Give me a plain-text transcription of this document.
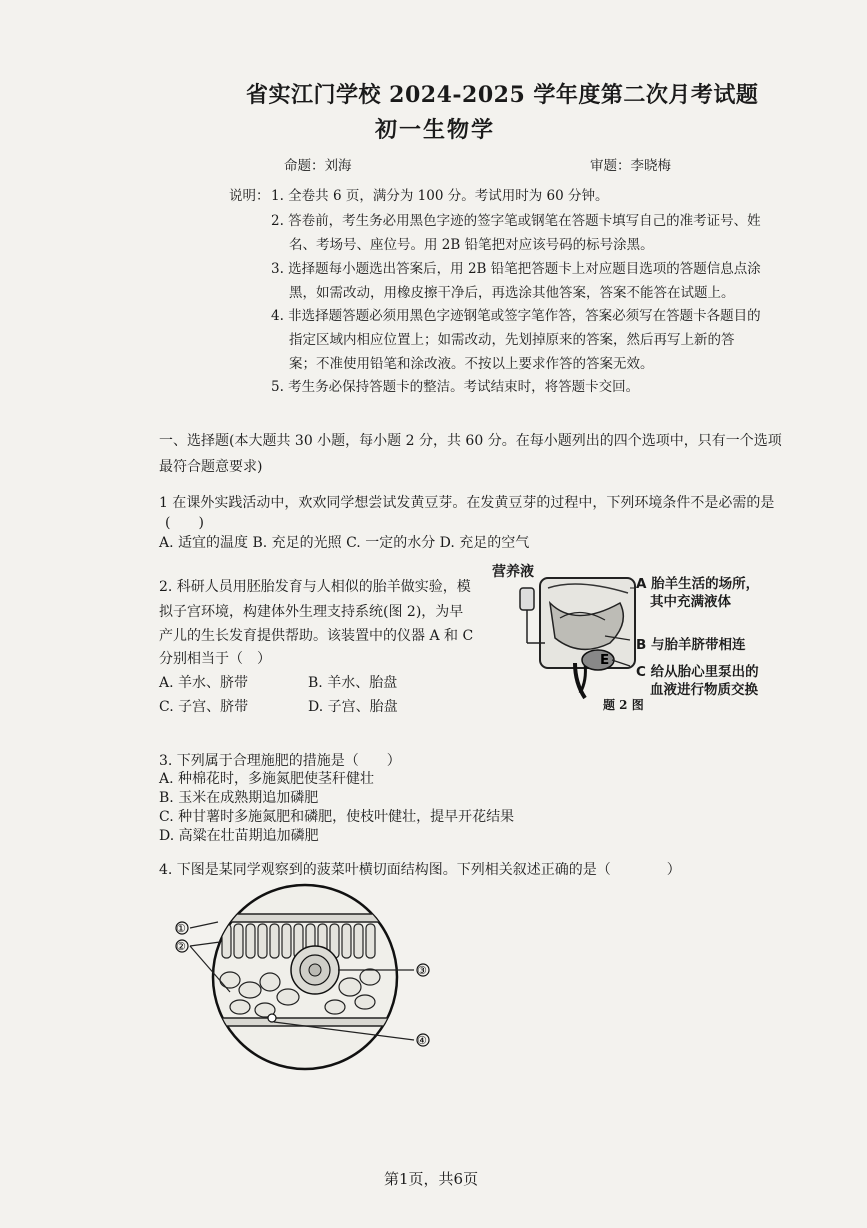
省实江门学校 2024-2025 学年度第二次月考试题
初一生物学
命题：刘海	审题：李晓梅
说明： 1. 全卷共 6 页，满分为 100 分。考试用时为 60 分钟。
2. 答卷前，考生务必用黑色字迹的签字笔或钢笔在答题卡填写自己的准考证号、姓
名、考场号、座位号。用 2B 铅笔把对应该号码的标号涂黑。
3. 选择题每小题选出答案后，用 2B 铅笔把答题卡上对应题目选项的答题信息点涂
黑，如需改动，用橡皮擦干净后，再选涂其他答案，答案不能答在试题上。
4. 非选择题答题必须用黑色字迹钢笔或签字笔作答，答案必须写在答题卡各题目的
指定区域内相应位置上；如需改动，先划掉原来的答案，然后再写上新的答
案；不准使用铅笔和涂改液。不按以上要求作答的答案无效。
5. 考生务必保持答题卡的整洁。考试结束时，将答题卡交回。
一、选择题(本大题共 30 小题，每小题 2 分，共 60 分。在每小题列出的四个选项中，只有一个选项
最符合题意要求)
1 在课外实践活动中，欢欢同学想尝试发黄豆芽。在发黄豆芽的过程中，下列环境条件不是必需的是
(　　)
A. 适宜的温度 B. 充足的光照 C. 一定的水分 D. 充足的空气
2. 科研人员用胚胎发育与人相似的胎羊做实验，模
拟子宫环境，构建体外生理支持系统(图 2)，为早
产儿的生长发育提供帮助。该装置中的仪器 A 和 C
分别相当于（　）
A. 羊水、脐带	B. 羊水、胎盘
C. 子宫、脐带	D. 子宫、胎盘
E
营养液
A 胎羊生活的场所，
其中充满液体
B 与胎羊脐带相连
C 给从胎心里泵出的
血液进行物质交换
题 2 图
3. 下列属于合理施肥的措施是（　　）
A. 种棉花时，多施氮肥使茎秆健壮
B. 玉米在成熟期追加磷肥
C. 种甘薯时多施氮肥和磷肥，使枝叶健壮，提早开花结果
D. 高粱在壮苗期追加磷肥
4. 下图是某同学观察到的菠菜叶横切面结构图。下列相关叙述正确的是（　　　　）
①
②
③
④
第1页，共6页
